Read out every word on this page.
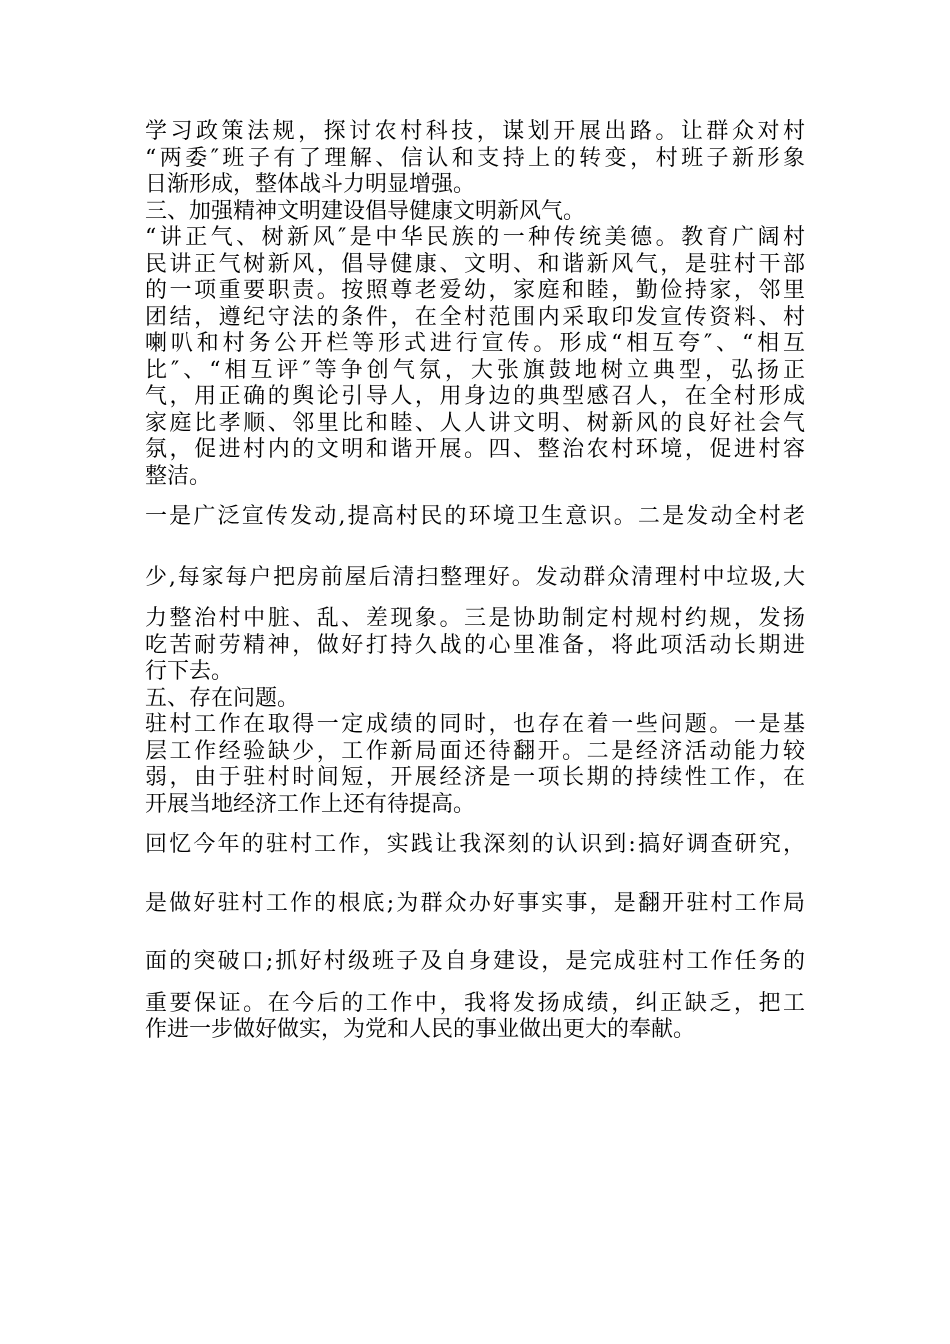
学习政策法规，探讨农村科技，谋划开展出路。让群众对村
“两委″班子有了理解、信认和支持上的转变，村班子新形象
日渐形成，整体战斗力明显增强。
三、加强精神文明建设倡导健康文明新风气。
“讲正气、树新风″是中华民族的一种传统美德。教育广阔村
民讲正气树新风，倡导健康、文明、和谐新风气，是驻村干部
的一项重要职责。按照尊老爱幼，家庭和睦，勤俭持家，邻里
团结，遵纪守法的条件，在全村范围内采取印发宣传资料、村
喇叭和村务公开栏等形式进行宣传。形成“相互夸″、“相互
比″、“相互评″等争创气氛，大张旗鼓地树立典型，弘扬正
气，用正确的舆论引导人，用身边的典型感召人，在全村形成
家庭比孝顺、邻里比和睦、人人讲文明、树新风的良好社会气
氛，促进村内的文明和谐开展。四、整治农村环境，促进村容
整洁。
一是广泛宣传发动,提高村民的环境卫生意识。二是发动全村老
少,每家每户把房前屋后清扫整理好。发动群众清理村中垃圾,大
力整治村中脏、乱、差现象。三是协助制定村规村约规，发扬
吃苦耐劳精神，做好打持久战的心里准备，将此项活动长期进
行下去。
五、存在问题。
驻村工作在取得一定成绩的同时，也存在着一些问题。一是基
层工作经验缺少，工作新局面还待翻开。二是经济活动能力较
弱，由于驻村时间短，开展经济是一项长期的持续性工作，在
开展当地经济工作上还有待提高。
回忆今年的驻村工作，实践让我深刻的认识到:搞好调查研究，
是做好驻村工作的根底;为群众办好事实事，是翻开驻村工作局
面的突破口;抓好村级班子及自身建设，是完成驻村工作任务的
重要保证。在今后的工作中，我将发扬成绩，纠正缺乏，把工
作进一步做好做实，为党和人民的事业做出更大的奉献。
